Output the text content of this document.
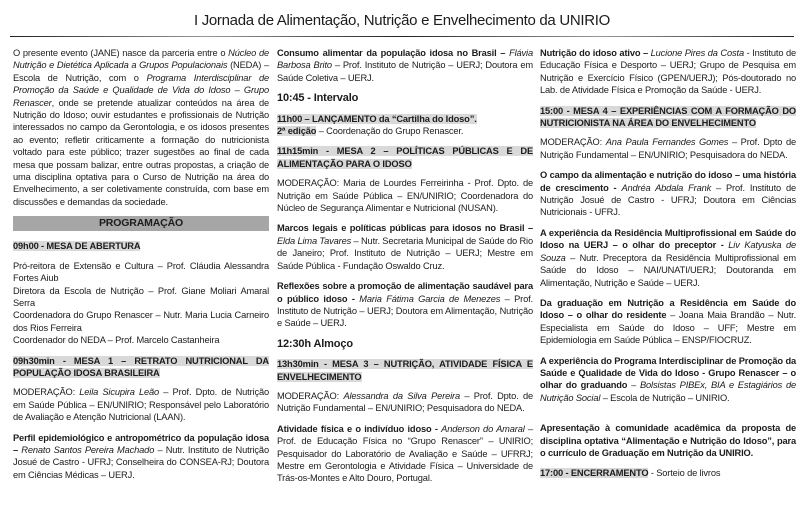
I Jornada de Alimentação, Nutrição e Envelhecimento da UNIRIO
O presente evento (JANE) nasce da parceria entre o Núcleo de Nutrição e Dietética Aplicada a Grupos Populacionais (NEDA) – Escola de Nutrição, com o Programa Interdisciplinar de Promoção da Saúde e Qualidade de Vida do Idoso – Grupo Renascer, onde se pretende atualizar conteúdos na área de Nutrição do Idoso; ouvir estudantes e profissionais de Nutrição interessados no campo da Gerontologia, e os idosos presentes ao evento; refletir criticamente a formação do nutricionista voltado para este público; trazer sugestões ao final de cada mesa que possam balizar, entre outras propostas, a criação de uma disciplina optativa para o Curso de Nutrição na área do Envelhecimento, a ser coletivamente construída, com base em discussões e demandas da sociedade.
PROGRAMAÇÃO
09h00 - MESA DE ABERTURA
Pró-reitora de Extensão e Cultura – Prof. Cláudia Alessandra Fortes Aiub
Diretora da Escola de Nutrição – Prof. Giane Moliari Amaral Serra
Coordenadora do Grupo Renascer – Nutr. Maria Lucia Carneiro dos Rios Ferreira
Coordenador do NEDA – Prof. Marcelo Castanheira
09h30min - MESA 1 – RETRATO NUTRICIONAL DA POPULAÇÃO IDOSA BRASILEIRA
MODERAÇÃO: Leila Sicupira Leão – Prof. Dpto. de Nutrição em Saúde Pública – EN/UNIRIO; Responsável pelo Laboratório de Avaliação e Atenção Nutricional (LAAN).
Perfil epidemiológico e antropométrico da população idosa – Renato Santos Pereira Machado – Nutr. Instituto de Nutrição Josué de Castro - UFRJ; Conselheira do CONSEA-RJ; Doutora em Ciências Médicas – UERJ.
Consumo alimentar da população idosa no Brasil – Flávia Barbosa Brito – Prof. Instituto de Nutrição – UERJ; Doutora em Saúde Coletiva – UERJ.
10:45 - Intervalo
11h00 – LANÇAMENTO da “Cartilha do Idoso”.
2ª edição – Coordenação do Grupo Renascer.
11h15min - MESA 2 – POLÍTICAS PÚBLICAS E DE ALIMENTAÇÃO PARA O IDOSO
MODERAÇÃO: Maria de Lourdes Ferreirinha - Prof. Dpto. de Nutrição em Saúde Pública – EN/UNIRIO; Coordenadora do Núcleo de Segurança Alimentar e Nutricional (NUSAN).
Marcos legais e políticas públicas para idosos no Brasil – Elda Lima Tavares – Nutr. Secretaria Municipal de Saúde do Rio de Janeiro; Prof. Instituto de Nutrição – UERJ; Mestre em Saúde Pública - Fundação Oswaldo Cruz.
Reflexões sobre a promoção de alimentação saudável para o público idoso - Maria Fátima Garcia de Menezes – Prof. Instituto de Nutrição – UERJ; Doutora em Alimentação, Nutrição e Saúde – UERJ.
12:30h Almoço
13h30min - MESA 3 – NUTRIÇÃO, ATIVIDADE FÍSICA E ENVELHECIMENTO
MODERAÇÃO: Alessandra da Silva Pereira – Prof. Dpto. de Nutrição Fundamental – EN/UNIRIO; Pesquisadora do NEDA.
Atividade física e o indivíduo idoso - Anderson do Amaral – Prof. de Educação Física no “Grupo Renascer” – UNIRIO; Pesquisador do Laboratório de Avaliação e Saúde – UFRRJ; Mestre em Gerontologia e Atividade Física – Universidade de Trás-os-Montes e Alto Douro, Portugal.
Nutrição do idoso ativo – Lucione Pires da Costa - Instituto de Educação Física e Desporto – UERJ; Grupo de Pesquisa em Nutrição e Exercício Físico (GPEN/UERJ); Pós-doutorado no Lab. de Atividade Física e Promoção da Saúde - UERJ.
15:00 - MESA 4 – EXPERIÊNCIAS COM A FORMAÇÃO DO NUTRICIONISTA NA ÁREA DO ENVELHECIMENTO
MODERAÇÃO: Ana Paula Fernandes Gomes – Prof. Dpto de Nutrição Fundamental – EN/UNIRIO; Pesquisadora do NEDA.
O campo da alimentação e nutrição do idoso – uma história de crescimento - Andréa Abdala Frank – Prof. Instituto de Nutrição Josué de Castro - UFRJ; Doutora em Ciências Nutricionais - UFRJ.
A experiência da Residência Multiprofissional em Saúde do Idoso na UERJ – o olhar do preceptor - Liv Katyuska de Souza – Nutr. Preceptora da Residência Multiprofissional em Saúde do Idoso – NAI/UNATI/UERJ; Doutoranda em Alimentação, Nutrição e Saúde – UERJ.
Da graduação em Nutrição a Residência em Saúde do Idoso – o olhar do residente – Joana Maia Brandão – Nutr. Especialista em Saúde do Idoso – UFF; Mestre em Epidemiologia em Saúde Pública – ENSP/FIOCRUZ.
A experiência do Programa Interdisciplinar de Promoção da Saúde e Qualidade de Vida do Idoso - Grupo Renascer – o olhar do graduando – Bolsistas PIBEx, BIA e Estagiários de Nutrição Social – Escola de Nutrição – UNIRIO.
Apresentação à comunidade acadêmica da proposta de disciplina optativa “Alimentação e Nutrição do Idoso”, para o currículo de Graduação em Nutrição da UNIRIO.
17:00 - ENCERRAMENTO - Sorteio de livros
